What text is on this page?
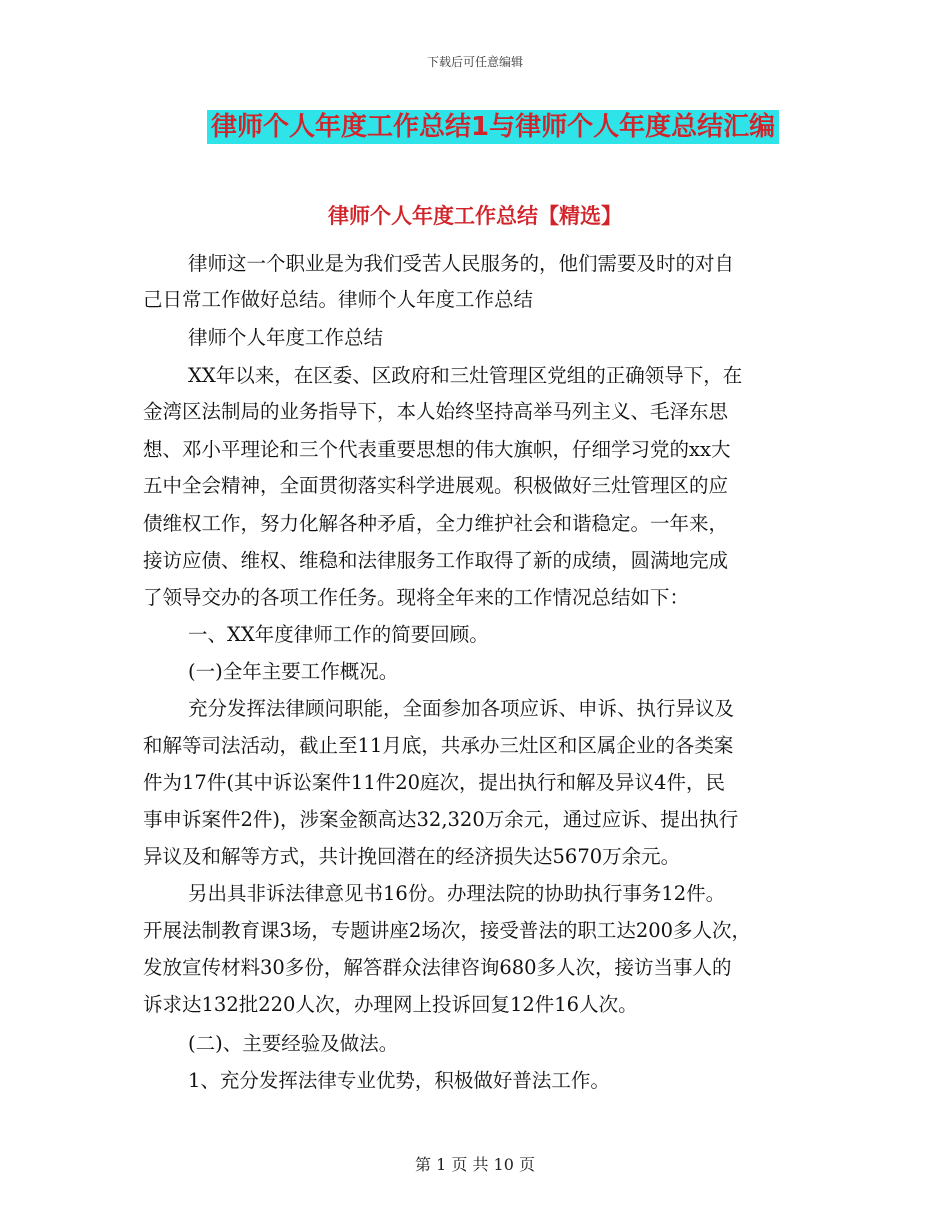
下载后可任意编辑
律师个人年度工作总结1与律师个人年度总结汇编
律师个人年度工作总结【精选】
律师这一个职业是为我们受苦人民服务的，他们需要及时的对自
己日常工作做好总结。律师个人年度工作总结
律师个人年度工作总结
XX年以来，在区委、区政府和三灶管理区党组的正确领导下，在
金湾区法制局的业务指导下，本人始终坚持高举马列主义、毛泽东思
想、邓小平理论和三个代表重要思想的伟大旗帜，仔细学习党的xx大
五中全会精神，全面贯彻落实科学进展观。积极做好三灶管理区的应
债维权工作，努力化解各种矛盾，全力维护社会和谐稳定。一年来，
接访应债、维权、维稳和法律服务工作取得了新的成绩，圆满地完成
了领导交办的各项工作任务。现将全年来的工作情况总结如下：
一、XX年度律师工作的简要回顾。
(一)全年主要工作概况。
充分发挥法律顾问职能，全面参加各项应诉、申诉、执行异议及
和解等司法活动，截止至11月底，共承办三灶区和区属企业的各类案
件为17件(其中诉讼案件11件20庭次，提出执行和解及异议4件，民
事申诉案件2件)，涉案金额高达32,320万余元，通过应诉、提出执行
异议及和解等方式，共计挽回潜在的经济损失达5670万余元。
另出具非诉法律意见书16份。办理法院的协助执行事务12件。
开展法制教育课3场，专题讲座2场次，接受普法的职工达200多人次，
发放宣传材料30多份，解答群众法律咨询680多人次，接访当事人的
诉求达132批220人次，办理网上投诉回复12件16人次。
(二)、主要经验及做法。
1、充分发挥法律专业优势，积极做好普法工作。
第 1 页 共 10 页
